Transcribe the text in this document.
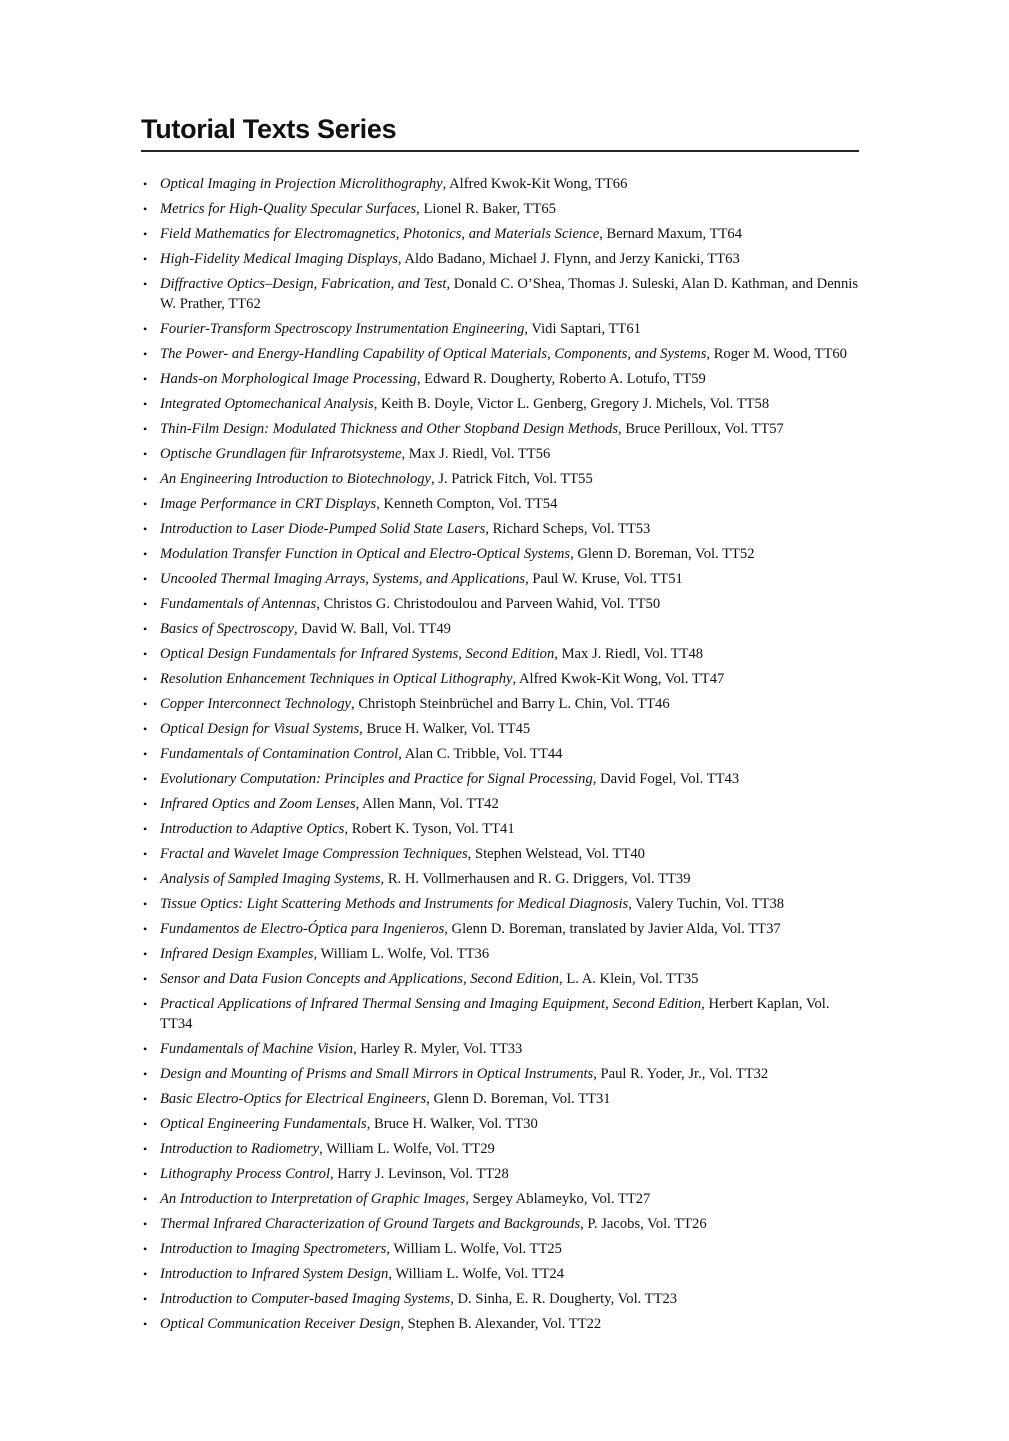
Tutorial Texts Series
• Optical Imaging in Projection Microlithography, Alfred Kwok-Kit Wong, TT66
• Metrics for High-Quality Specular Surfaces, Lionel R. Baker, TT65
• Field Mathematics for Electromagnetics, Photonics, and Materials Science, Bernard Maxum, TT64
• High-Fidelity Medical Imaging Displays, Aldo Badano, Michael J. Flynn, and Jerzy Kanicki, TT63
• Diffractive Optics–Design, Fabrication, and Test, Donald C. O’Shea, Thomas J. Suleski, Alan D. Kathman, and Dennis W. Prather, TT62
• Fourier-Transform Spectroscopy Instrumentation Engineering, Vidi Saptari, TT61
• The Power- and Energy-Handling Capability of Optical Materials, Components, and Systems, Roger M. Wood, TT60
• Hands-on Morphological Image Processing, Edward R. Dougherty, Roberto A. Lotufo, TT59
• Integrated Optomechanical Analysis, Keith B. Doyle, Victor L. Genberg, Gregory J. Michels, Vol. TT58
• Thin-Film Design: Modulated Thickness and Other Stopband Design Methods, Bruce Perilloux, Vol. TT57
• Optische Grundlagen für Infrarotsysteme, Max J. Riedl, Vol. TT56
• An Engineering Introduction to Biotechnology, J. Patrick Fitch, Vol. TT55
• Image Performance in CRT Displays, Kenneth Compton, Vol. TT54
• Introduction to Laser Diode-Pumped Solid State Lasers, Richard Scheps, Vol. TT53
• Modulation Transfer Function in Optical and Electro-Optical Systems, Glenn D. Boreman, Vol. TT52
• Uncooled Thermal Imaging Arrays, Systems, and Applications, Paul W. Kruse, Vol. TT51
• Fundamentals of Antennas, Christos G. Christodoulou and Parveen Wahid, Vol. TT50
• Basics of Spectroscopy, David W. Ball, Vol. TT49
• Optical Design Fundamentals for Infrared Systems, Second Edition, Max J. Riedl, Vol. TT48
• Resolution Enhancement Techniques in Optical Lithography, Alfred Kwok-Kit Wong, Vol. TT47
• Copper Interconnect Technology, Christoph Steinbrüchel and Barry L. Chin, Vol. TT46
• Optical Design for Visual Systems, Bruce H. Walker, Vol. TT45
• Fundamentals of Contamination Control, Alan C. Tribble, Vol. TT44
• Evolutionary Computation: Principles and Practice for Signal Processing, David Fogel, Vol. TT43
• Infrared Optics and Zoom Lenses, Allen Mann, Vol. TT42
• Introduction to Adaptive Optics, Robert K. Tyson, Vol. TT41
• Fractal and Wavelet Image Compression Techniques, Stephen Welstead, Vol. TT40
• Analysis of Sampled Imaging Systems, R. H. Vollmerhausen and R. G. Driggers, Vol. TT39
• Tissue Optics: Light Scattering Methods and Instruments for Medical Diagnosis, Valery Tuchin, Vol. TT38
• Fundamentos de Electro-Óptica para Ingenieros, Glenn D. Boreman, translated by Javier Alda, Vol. TT37
• Infrared Design Examples, William L. Wolfe, Vol. TT36
• Sensor and Data Fusion Concepts and Applications, Second Edition, L. A. Klein, Vol. TT35
• Practical Applications of Infrared Thermal Sensing and Imaging Equipment, Second Edition, Herbert Kaplan, Vol. TT34
• Fundamentals of Machine Vision, Harley R. Myler, Vol. TT33
• Design and Mounting of Prisms and Small Mirrors in Optical Instruments, Paul R. Yoder, Jr., Vol. TT32
• Basic Electro-Optics for Electrical Engineers, Glenn D. Boreman, Vol. TT31
• Optical Engineering Fundamentals, Bruce H. Walker, Vol. TT30
• Introduction to Radiometry, William L. Wolfe, Vol. TT29
• Lithography Process Control, Harry J. Levinson, Vol. TT28
• An Introduction to Interpretation of Graphic Images, Sergey Ablameyko, Vol. TT27
• Thermal Infrared Characterization of Ground Targets and Backgrounds, P. Jacobs, Vol. TT26
• Introduction to Imaging Spectrometers, William L. Wolfe, Vol. TT25
• Introduction to Infrared System Design, William L. Wolfe, Vol. TT24
• Introduction to Computer-based Imaging Systems, D. Sinha, E. R. Dougherty, Vol. TT23
• Optical Communication Receiver Design, Stephen B. Alexander, Vol. TT22
